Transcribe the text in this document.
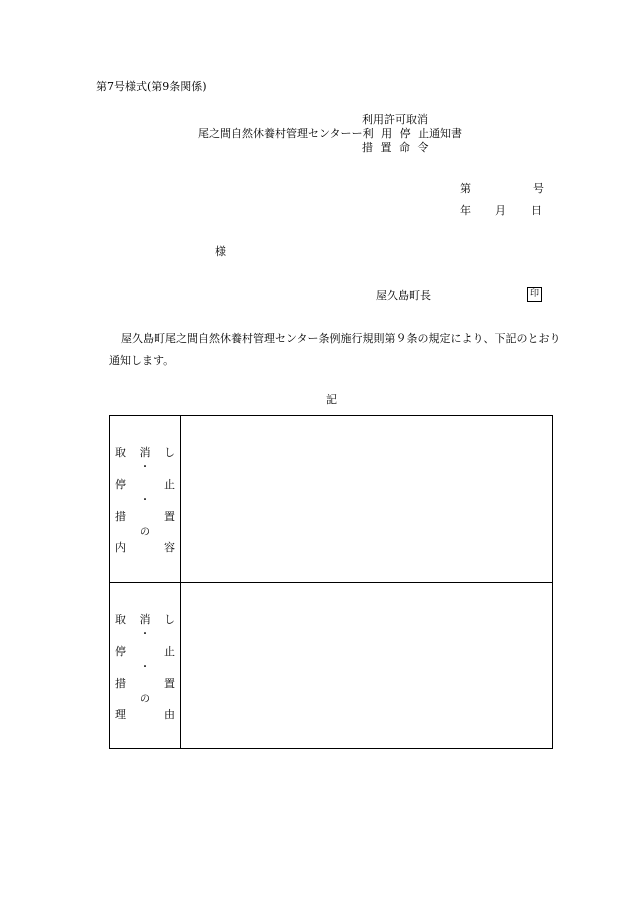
第7号様式(第9条関係)
利用許可取消
尾之間自然休養村管理センターー利 用 停 止通知書
措 置 命 令
第	号
年 月 日
様
屋久島町長	印
屋久島町尾之間自然休養村管理センター条例施行規則第９条の規定により、下記のとおり通知します。
記
取 消 し
・
停	止
・
措	置
の
内	容
取 消 し
・
停	止
・
措	置
の
理	由
